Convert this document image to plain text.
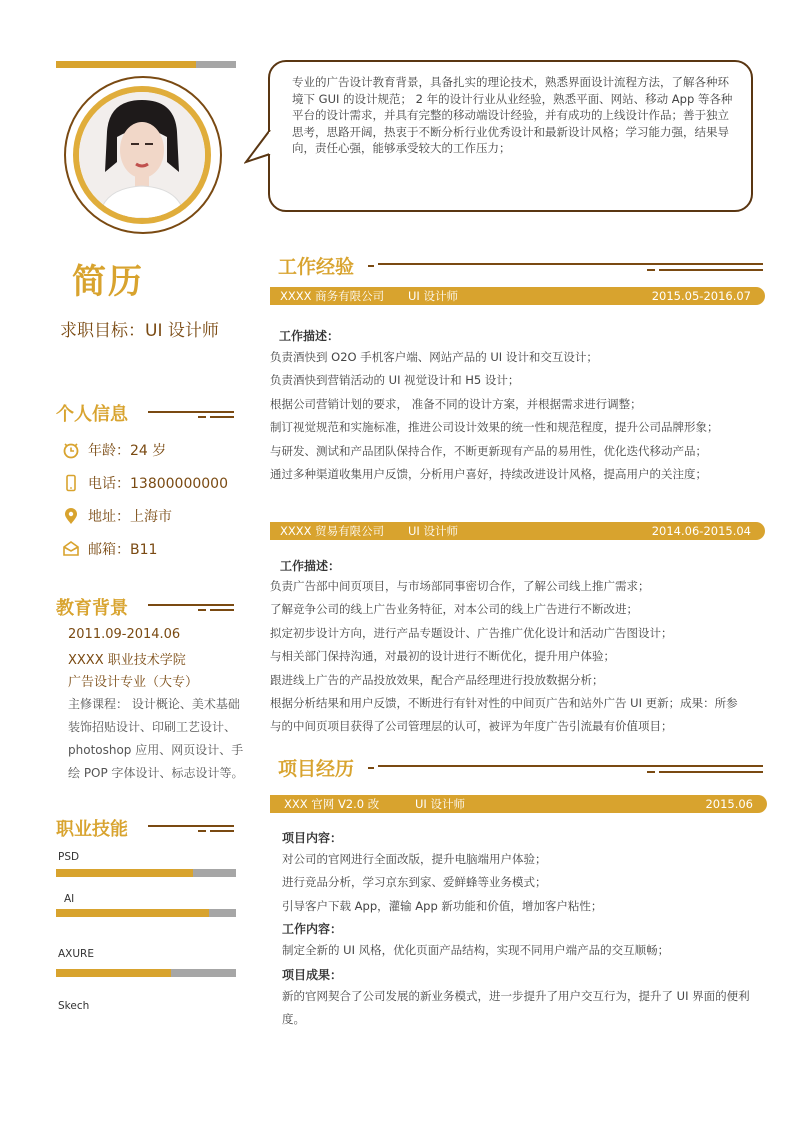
专业的广告设计教育背景，具备扎实的理论技术，熟悉界面设计流程方法，了解各种环境下 GUI 的设计规范； 2 年的设计行业从业经验，熟悉平面、网站、移动 App 等各种平台的设计需求，并具有完整的移动端设计经验，并有成功的上线设计作品；善于独立思考，思路开阔，热衷于不断分析行业优秀设计和最新设计风格；学习能力强，结果导向，责任心强，能够承受较大的工作压力；
简历
求职目标：UI 设计师
个人信息
年龄：24 岁
电话：13800000000
地址：上海市
邮箱：B11
教育背景
2011.09-2014.06
XXXX 职业技术学院
广告设计专业（大专）
主修课程： 设计概论、美术基础装饰招贴设计、印刷工艺设计、photoshop 应用、网页设计、手绘 POP 字体设计、标志设计等。
职业技能
PSD
AI
AXURE
Skech
工作经验
XXXX 商务有限公司 UI 设计师	2015.05-2016.07
工作描述：
负责酒快到 O2O 手机客户端、网站产品的 UI 设计和交互设计；
负责酒快到营销活动的 UI 视觉设计和 H5 设计；
根据公司营销计划的要求， 准备不同的设计方案，并根据需求进行调整；
制订视觉规范和实施标准，推进公司设计效果的统一性和规范程度，提升公司品牌形象；
与研发、测试和产品团队保持合作，不断更新现有产品的易用性，优化迭代移动产品；
通过多种渠道收集用户反馈，分析用户喜好，持续改进设计风格，提高用户的关注度；
XXXX 贸易有限公司 UI 设计师	2014.06-2015.04
工作描述：
负责广告部中间页项目，与市场部同事密切合作，了解公司线上推广需求；
了解竞争公司的线上广告业务特征，对本公司的线上广告进行不断改进；
拟定初步设计方向，进行产品专题设计、广告推广优化设计和活动广告图设计；
与相关部门保持沟通，对最初的设计进行不断优化，提升用户体验；
跟进线上广告的产品投放效果，配合产品经理进行投放数据分析；
根据分析结果和用户反馈，不断进行有针对性的中间页广告和站外广告 UI 更新；成果：所参与的中间页项目获得了公司管理层的认可，被评为年度广告引流最有价值项目；
项目经历
XXX 官网 V2.0 改	UI 设计师	2015.06
项目内容：
对公司的官网进行全面改版，提升电脑端用户体验；
进行竞品分析，学习京东到家、爱鲜蜂等业务模式；
引导客户下载 App，灌输 App 新功能和价值，增加客户粘性；
工作内容：
制定全新的 UI 风格，优化页面产品结构，实现不同用户端产品的交互顺畅；
项目成果：
新的官网契合了公司发展的新业务模式，进一步提升了用户交互行为，提升了 UI 界面的便利度。
